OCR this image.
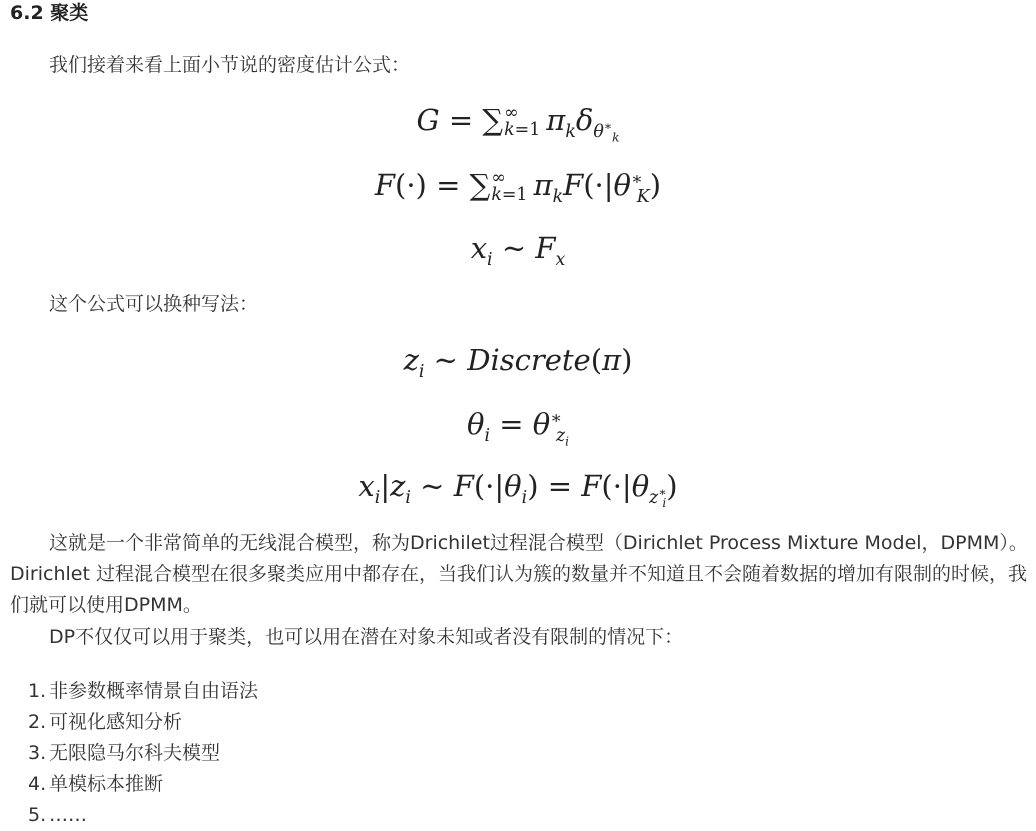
6.2 聚类

我们接着来看上面小节说的密度估计公式：

G = ∑ ∞
k=1 $\pi_k\delta_{\theta^∗_k}$
F(·) = ∑ ∞
k=1 $\pi_kF(\cdot|\theta^∗_K)$
$x_i$ ∼ $F_x$

这个公式可以换种写法：

$z_i$ ∼ Discrete(π)
$\theta_i = \theta^∗_{z_i}$
$x_i|z_i$ ∼ $F(\cdot|\theta_i) = F(\cdot|\theta_{z^∗_i})$

这就是一个非常简单的无线混合模型，称为Drichilet过程混合模型（Dirichlet Process Mixture Model，DPMM）。Dirichlet 过程混合模型在很多聚类应用中都存在，当我们认为簇的数量并不知道且不会随着数据的增加有限制的时候，我们就可以使用DPMM。

DP不仅仅可以用于聚类，也可以用在潜在对象未知或者没有限制的情况下：

1. 非参数概率情景自由语法
2. 可视化感知分析
3. 无限隐马尔科夫模型
4. 单模标本推断
5. ……
